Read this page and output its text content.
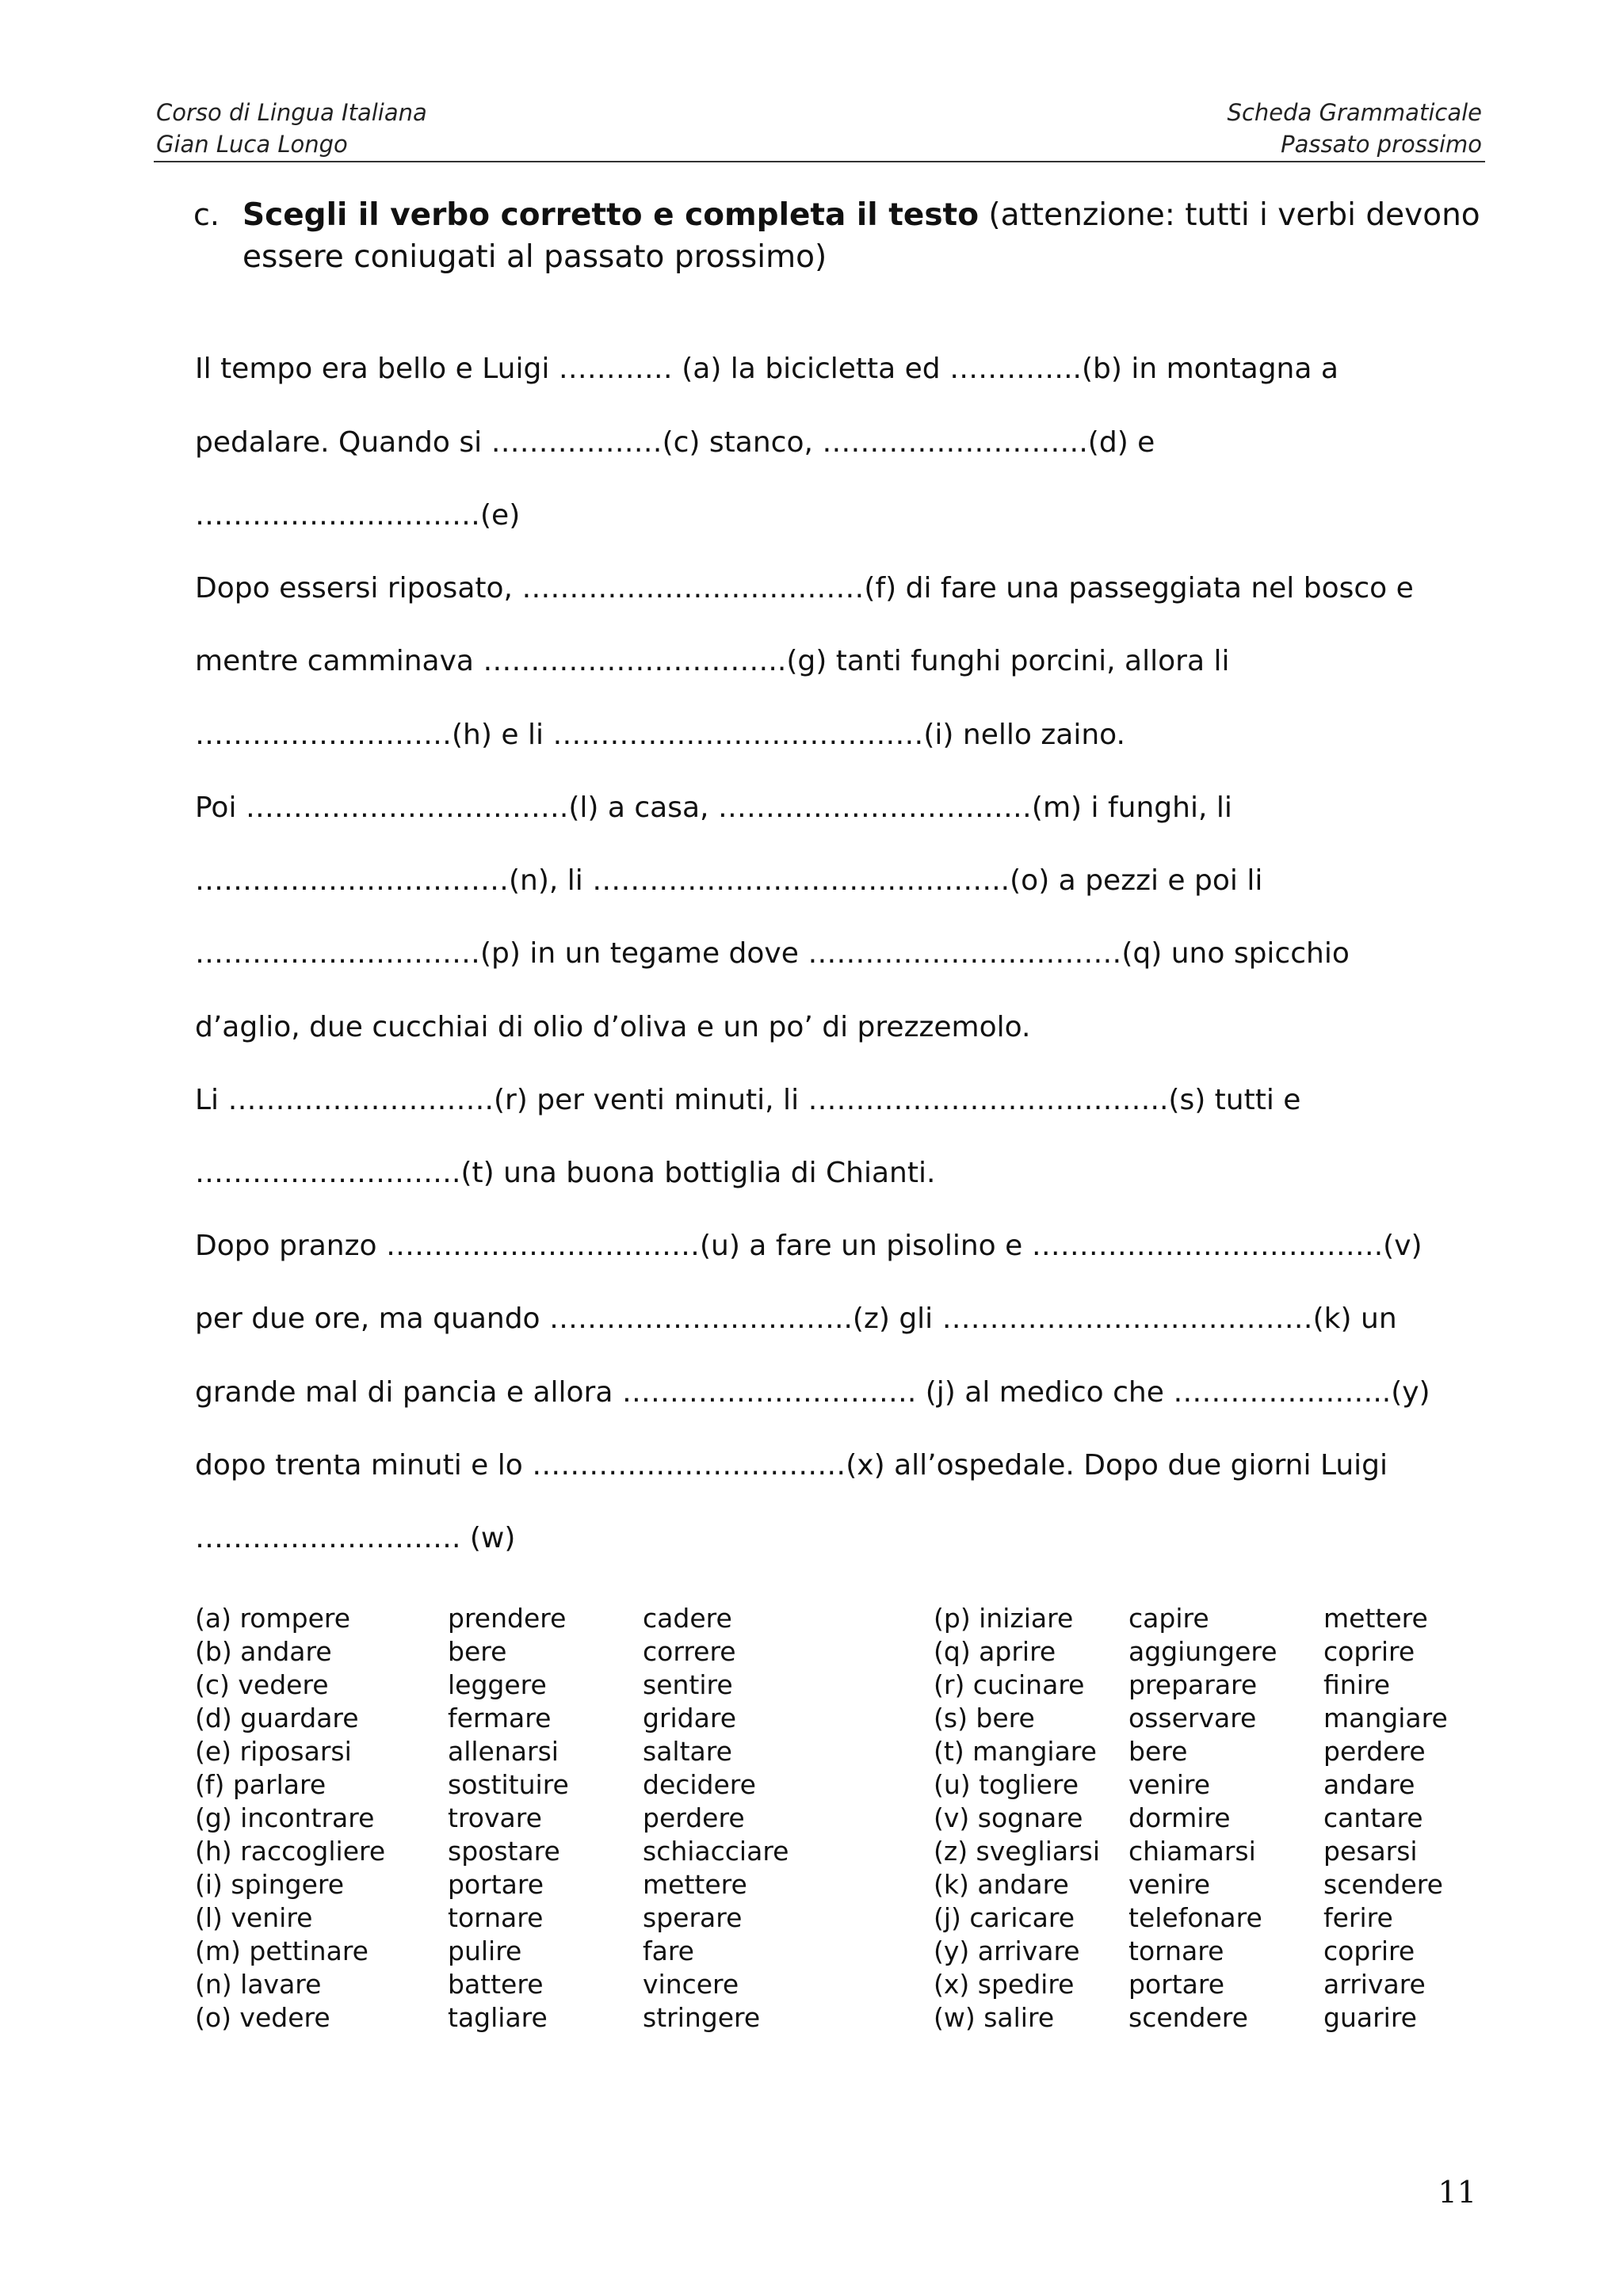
Corso di Lingua Italiana
Gian Luca Longo
Scheda Grammaticale
Passato prossimo
c. Scegli il verbo corretto e completa il testo (attenzione: tutti i verbi devono
essere coniugati al passato prossimo)
Il tempo era bello e Luigi ………… (a) la bicicletta ed …………..(b) in montagna a
pedalare. Quando si ………………(c) stanco, ……………………….(d) e
…………………………(e)
Dopo essersi riposato, ………………………………(f) di fare una passeggiata nel bosco e
mentre camminava …………………………..(g) tanti funghi porcini, allora li
………………………(h) e li …………………………………(i) nello zaino.
Poi …………………………….(l) a casa, ……………………………(m) i funghi, li
……………………………(n), li ……………………………………..(o) a pezzi e poi li
…………………………(p) in un tegame dove ……………………………(q) uno spicchio
d’aglio, due cucchiai di olio d’oliva e un po’ di prezzemolo.
Li ……………………….(r) per venti minuti, li ………………………………..(s) tutti e
……………………….(t) una buona bottiglia di Chianti.
Dopo pranzo ……………………………(u) a fare un pisolino e ……………………………….(v)
per due ore, ma quando …………………………..(z) gli …………………………………(k) un
grande mal di pancia e allora …………………………. (j) al medico che …………………..(y)
dopo trenta minuti e lo ……………………………(x) all’ospedale. Dopo due giorni Luigi
………………………. (w)
(a) rompere
(b) andare
(c) vedere
(d) guardare
(e) riposarsi
(f) parlare
(g) incontrare
(h) raccogliere
(i) spingere
(l) venire
(m) pettinare
(n) lavare
(o) vedere
prendere
bere
leggere
fermare
allenarsi
sostituire
trovare
spostare
portare
tornare
pulire
battere
tagliare
cadere
correre
sentire
gridare
saltare
decidere
perdere
schiacciare
mettere
sperare
fare
vincere
stringere
(p) iniziare
(q) aprire
(r) cucinare
(s) bere
(t) mangiare
(u) togliere
(v) sognare
(z) svegliarsi
(k) andare
(j) caricare
(y) arrivare
(x) spedire
(w) salire
capire
aggiungere
preparare
osservare
bere
venire
dormire
chiamarsi
venire
telefonare
tornare
portare
scendere
mettere
coprire
finire
mangiare
perdere
andare
cantare
pesarsi
scendere
ferire
coprire
arrivare
guarire
11
